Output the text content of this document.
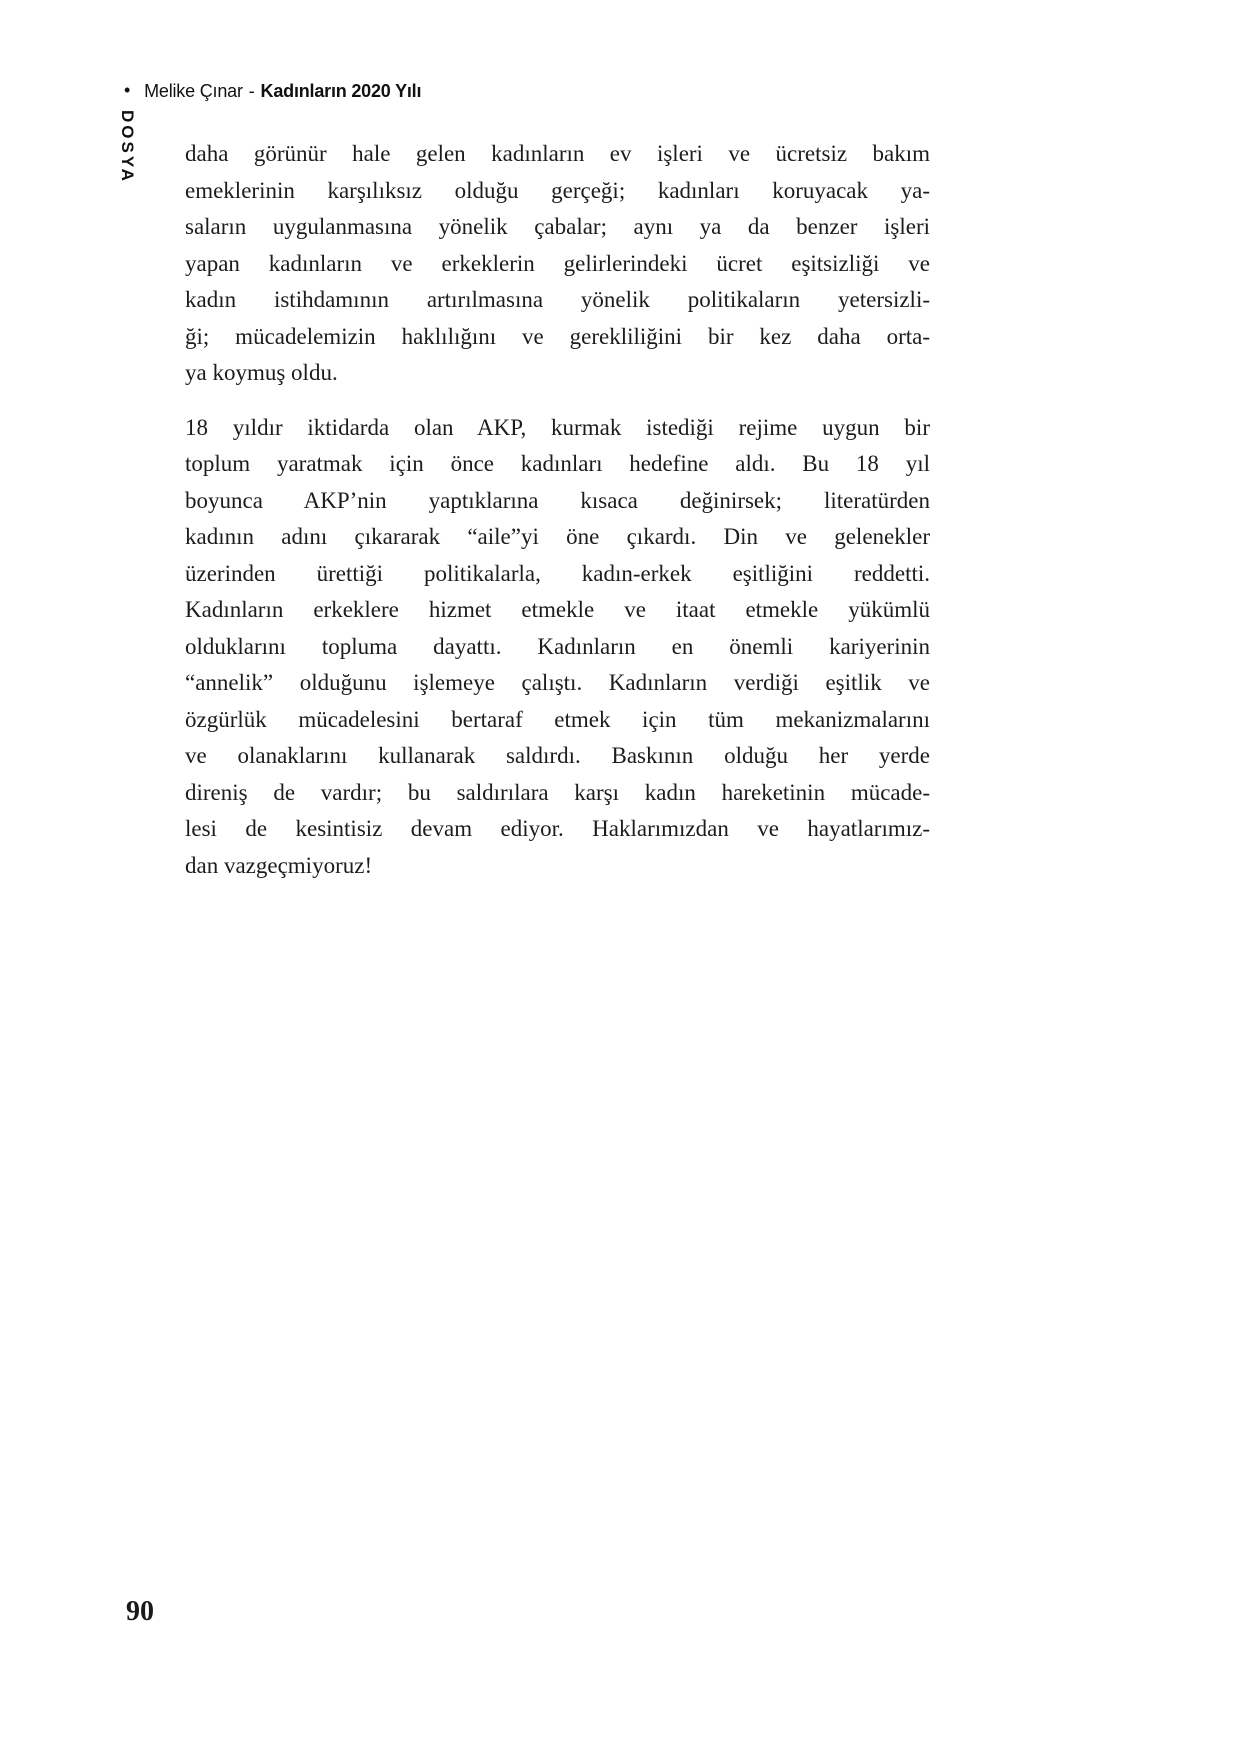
• Melike Çınar - Kadınların 2020 Yılı
DOSYA daha görünür hale gelen kadınların ev işleri ve ücretsiz bakım
emeklerinin karşılıksız olduğu gerçeği; kadınları koruyacak ya-
saların uygulanmasına yönelik çabalar; aynı ya da benzer işleri
yapan kadınların ve erkeklerin gelirlerindeki ücret eşitsizliği ve
kadın istihdamının artırılmasına yönelik politikaların yetersizli-
ği; mücadelemizin haklılığını ve gerekliliğini bir kez daha orta-
ya koymuş oldu.
18 yıldır iktidarda olan AKP, kurmak istediği rejime uygun bir
toplum yaratmak için önce kadınları hedefine aldı. Bu 18 yıl
boyunca AKP’nin yaptıklarına kısaca değinirsek; literatürden
kadının adını çıkararak “aile”yi öne çıkardı. Din ve gelenekler
üzerinden ürettiği politikalarla, kadın-erkek eşitliğini reddetti.
Kadınların erkeklere hizmet etmekle ve itaat etmekle yükümlü
olduklarını topluma dayattı. Kadınların en önemli kariyerinin
“annelik” olduğunu işlemeye çalıştı. Kadınların verdiği eşitlik ve
özgürlük mücadelesini bertaraf etmek için tüm mekanizmalarını
ve olanaklarını kullanarak saldırdı. Baskının olduğu her yerde
direniş de vardır; bu saldırılara karşı kadın hareketinin mücade-
lesi de kesintisiz devam ediyor. Haklarımızdan ve hayatlarımız-
dan vazgeçmiyoruz!
90
